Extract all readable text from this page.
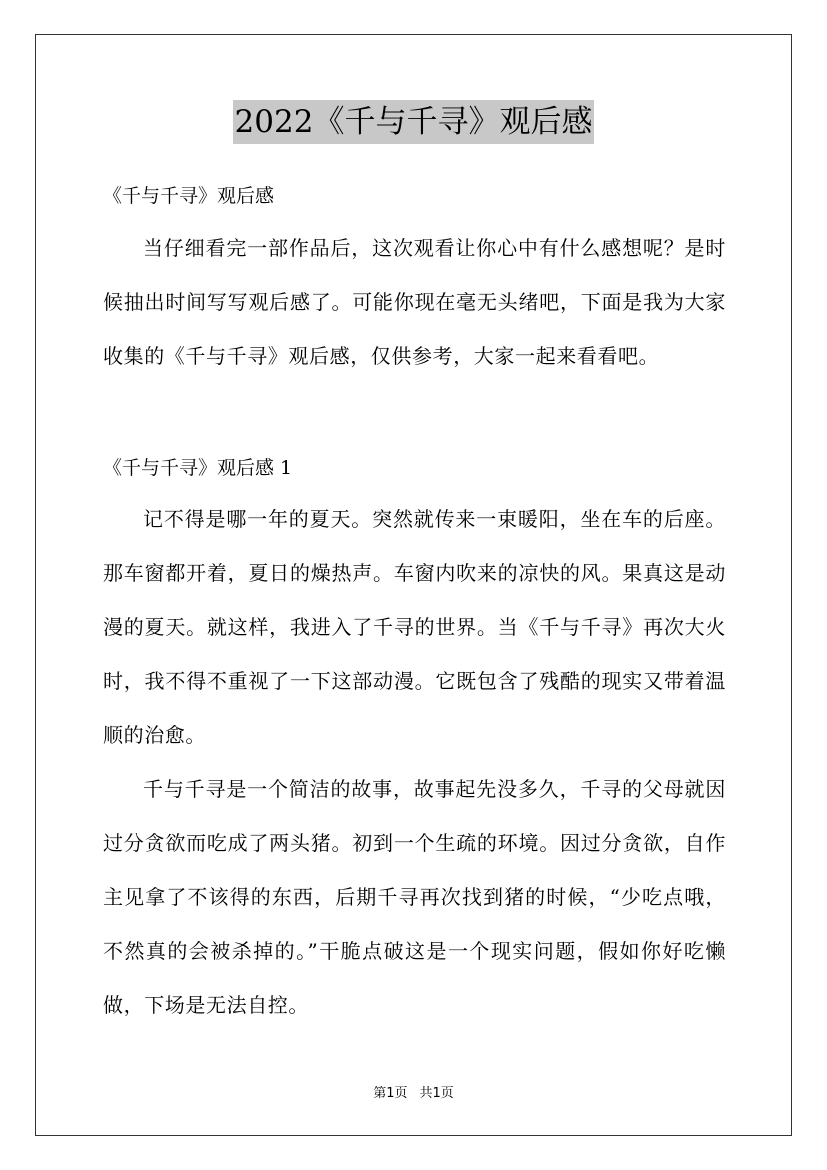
2022《千与千寻》观后感
《千与千寻》观后感
当仔细看完一部作品后，这次观看让你心中有什么感想呢？是时候抽出时间写写观后感了。可能你现在毫无头绪吧，下面是我为大家收集的《千与千寻》观后感，仅供参考，大家一起来看看吧。
《千与千寻》观后感 1
记不得是哪一年的夏天。突然就传来一束暖阳，坐在车的后座。那车窗都开着，夏日的燥热声。车窗内吹来的凉快的风。果真这是动漫的夏天。就这样，我进入了千寻的世界。当《千与千寻》再次大火时，我不得不重视了一下这部动漫。它既包含了残酷的现实又带着温顺的治愈。
千与千寻是一个简洁的故事，故事起先没多久，千寻的父母就因过分贪欲而吃成了两头猪。初到一个生疏的环境。因过分贪欲，自作主见拿了不该得的东西，后期千寻再次找到猪的时候，“少吃点哦，不然真的会被杀掉的。”干脆点破这是一个现实问题，假如你好吃懒做，下场是无法自控。
第1页 共1页
